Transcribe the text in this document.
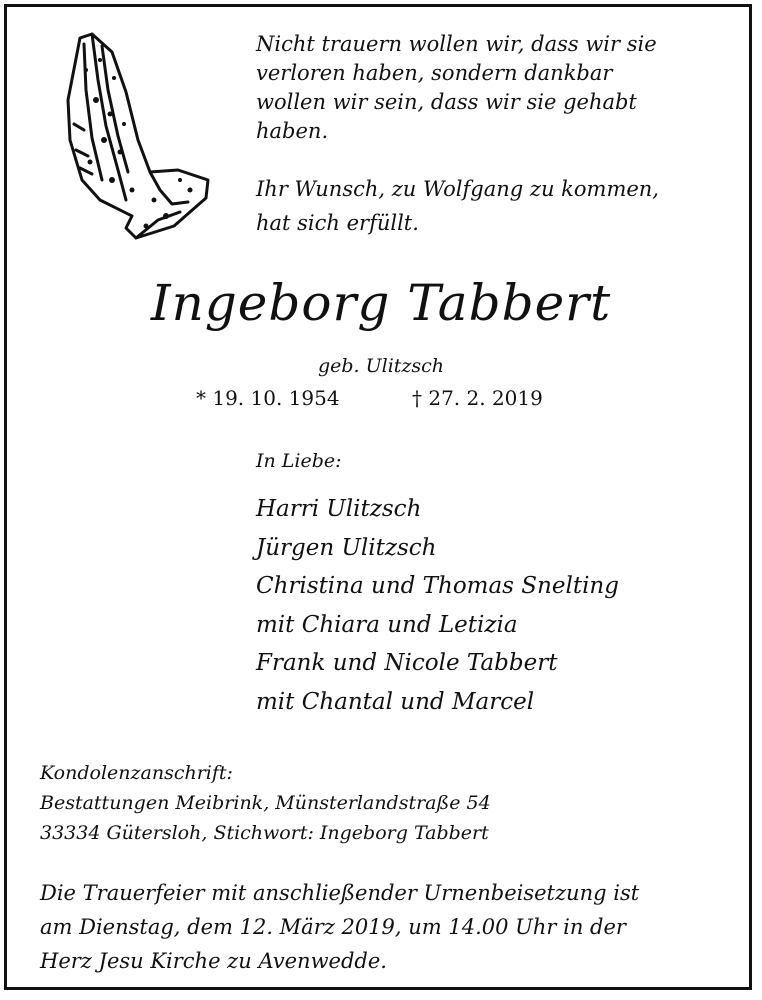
Nicht trauern wollen wir, dass wir sie
verloren haben, sondern dankbar
wollen wir sein, dass wir sie gehabt
haben.
Ihr Wunsch, zu Wolfgang zu kommen,
hat sich erfüllt.
Ingeborg Tabbert
geb. Ulitzsch
* 19. 10. 1954	† 27. 2. 2019
In Liebe:
Harri Ulitzsch
Jürgen Ulitzsch
Christina und Thomas Snelting
mit Chiara und Letizia
Frank und Nicole Tabbert
mit Chantal und Marcel
Kondolenzanschrift:
Bestattungen Meibrink, Münsterlandstraße 54
33334 Gütersloh, Stichwort: Ingeborg Tabbert
Die Trauerfeier mit anschließender Urnenbeisetzung ist
am Dienstag, dem 12. März 2019, um 14.00 Uhr in der
Herz Jesu Kirche zu Avenwedde.
